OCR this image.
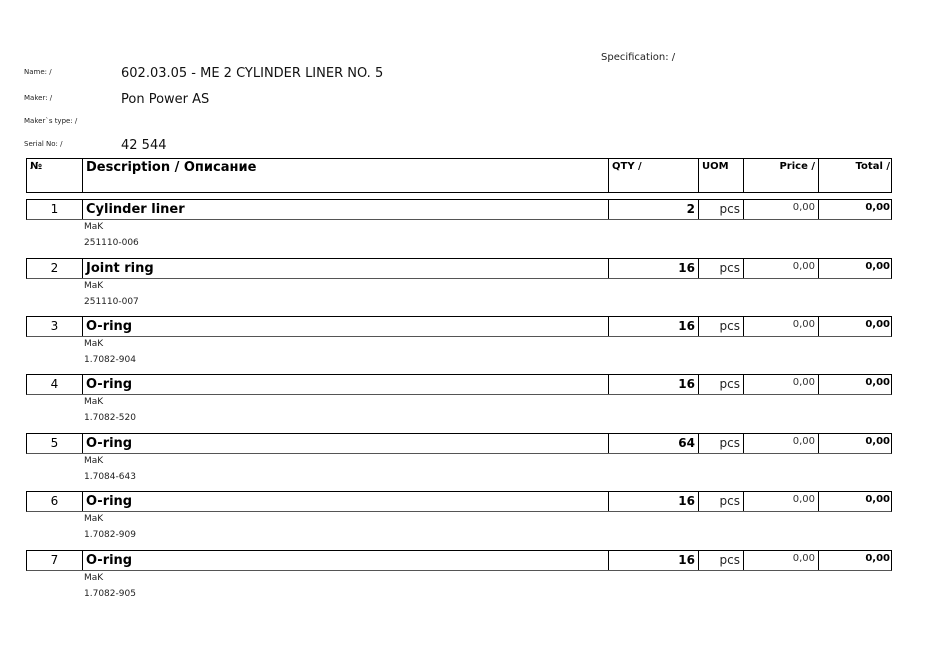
Name: /	602.03.05 - ME 2 CYLINDER LINER NO. 5
Maker: /	Pon Power AS
Maker`s type: /
Serial No: /	42 544
Specification: /
№	Description / Описание	QTY /	UOM	Price /	Total /
1	Cylinder liner	2	pcs	0,00	0,00
MaK
251110-006
2	Joint ring	16	pcs	0,00	0,00
MaK
251110-007
3	O-ring	16	pcs	0,00	0,00
MaK
1.7082-904
4	O-ring	16	pcs	0,00	0,00
MaK
1.7082-520
5	O-ring	64	pcs	0,00	0,00
MaK
1.7084-643
6	O-ring	16	pcs	0,00	0,00
MaK
1.7082-909
7	O-ring	16	pcs	0,00	0,00
MaK
1.7082-905
